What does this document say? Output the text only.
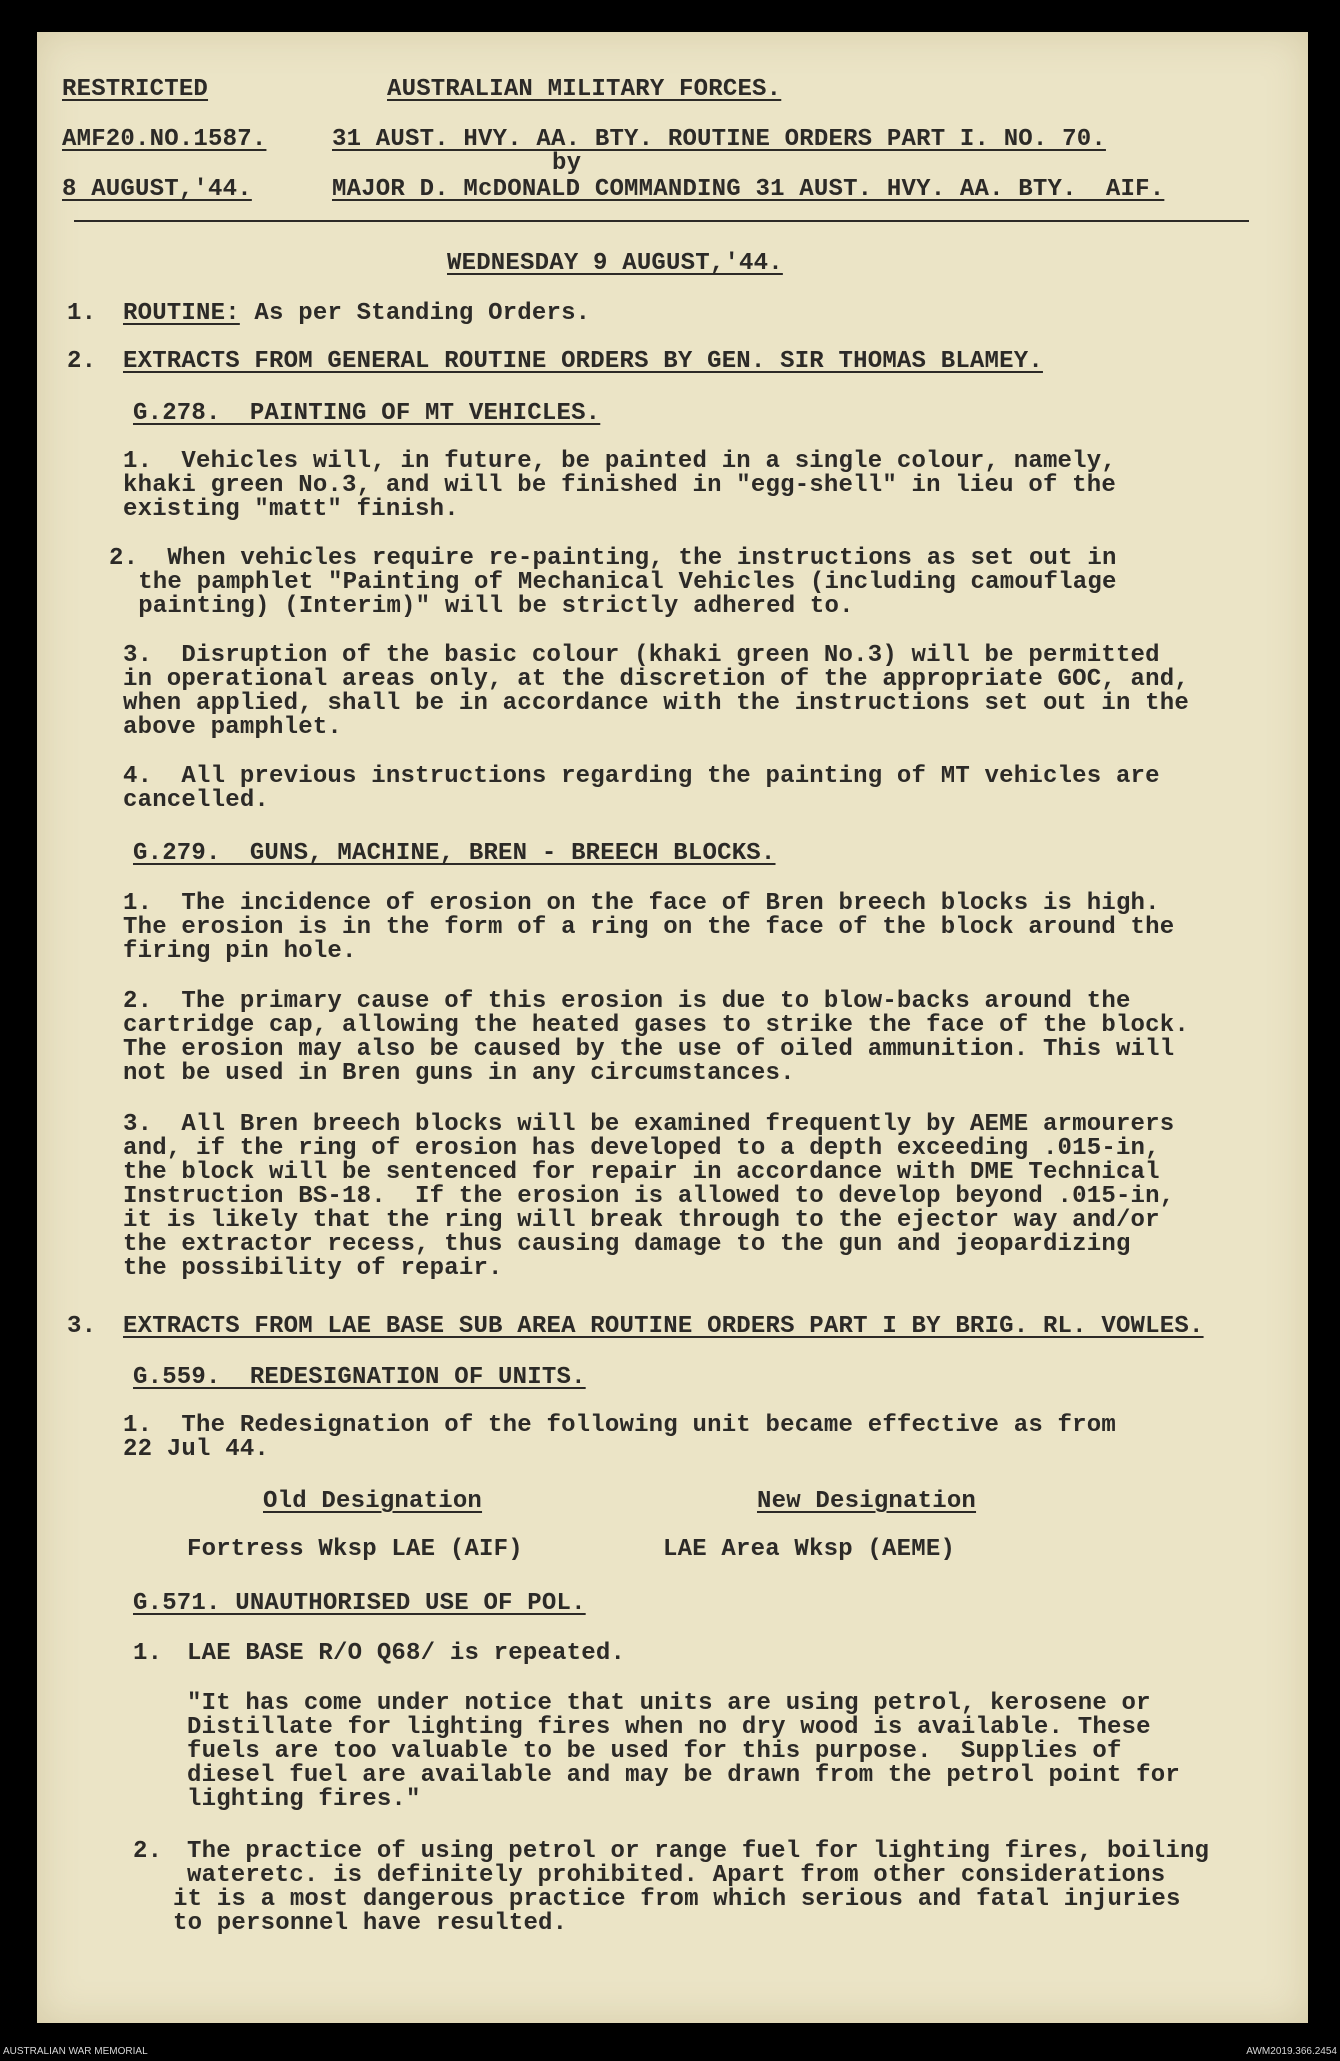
RESTRICTED	AUSTRALIAN MILITARY FORCES.
AMF20.NO.1587.	31 AUST. HVY. AA. BTY. ROUTINE ORDERS PART I. NO. 70.
by
8 AUGUST,'44.	MAJOR D. McDONALD COMMANDING 31 AUST. HVY. AA. BTY.  AIF.
WEDNESDAY 9 AUGUST,'44.
1. ROUTINE: As per Standing Orders.
2. EXTRACTS FROM GENERAL ROUTINE ORDERS BY GEN. SIR THOMAS BLAMEY.
G.278.  PAINTING OF MT VEHICLES.
1.  Vehicles will, in future, be painted in a single colour, namely,
khaki green No.3, and will be finished in "egg-shell" in lieu of the
existing "matt" finish.
2.  When vehicles require re-painting, the instructions as set out in
the pamphlet "Painting of Mechanical Vehicles (including camouflage
painting) (Interim)" will be strictly adhered to.
3.  Disruption of the basic colour (khaki green No.3) will be permitted
in operational areas only, at the discretion of the appropriate GOC, and,
when applied, shall be in accordance with the instructions set out in the
above pamphlet.
4.  All previous instructions regarding the painting of MT vehicles are
cancelled.
G.279.  GUNS, MACHINE, BREN - BREECH BLOCKS.
1.  The incidence of erosion on the face of Bren breech blocks is high.
The erosion is in the form of a ring on the face of the block around the
firing pin hole.
2.  The primary cause of this erosion is due to blow-backs around the
cartridge cap, allowing the heated gases to strike the face of the block.
The erosion may also be caused by the use of oiled ammunition. This will
not be used in Bren guns in any circumstances.
3.  All Bren breech blocks will be examined frequently by AEME armourers
and, if the ring of erosion has developed to a depth exceeding .015-in,
the block will be sentenced for repair in accordance with DME Technical
Instruction BS-18.  If the erosion is allowed to develop beyond .015-in,
it is likely that the ring will break through to the ejector way and/or
the extractor recess, thus causing damage to the gun and jeopardizing
the possibility of repair.
3. EXTRACTS FROM LAE BASE SUB AREA ROUTINE ORDERS PART I BY BRIG. RL. VOWLES.
G.559.  REDESIGNATION OF UNITS.
1.  The Redesignation of the following unit became effective as from
22 Jul 44.
Old Designation	New Designation
Fortress Wksp LAE (AIF)	LAE Area Wksp (AEME)
G.571. UNAUTHORISED USE OF POL.
1. LAE BASE R/O Q68/ is repeated.
"It has come under notice that units are using petrol, kerosene or
Distillate for lighting fires when no dry wood is available. These
fuels are too valuable to be used for this purpose.  Supplies of
diesel fuel are available and may be drawn from the petrol point for
lighting fires."
2. The practice of using petrol or range fuel for lighting fires, boiling
wateretc. is definitely prohibited. Apart from other considerations
it is a most dangerous practice from which serious and fatal injuries
to personnel have resulted.
AUSTRALIAN WAR MEMORIAL	AWM2019.366.2454
